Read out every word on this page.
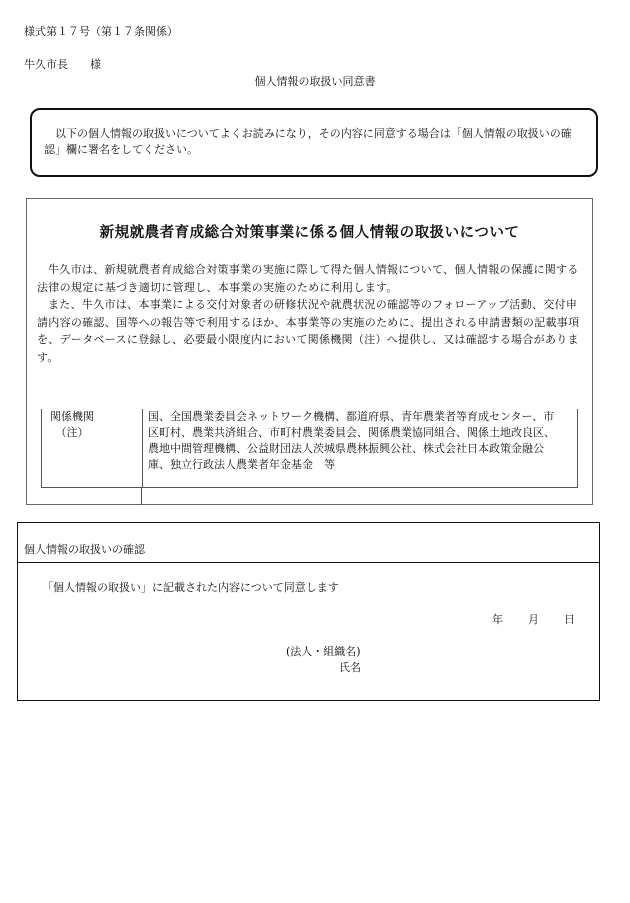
様式第１７号（第１７条関係）
牛久市長　　様
個人情報の取扱い同意書
以下の個人情報の取扱いについてよくお読みになり，その内容に同意する場合は「個人情報の取扱いの確認」欄に署名をしてください。
新規就農者育成総合対策事業に係る個人情報の取扱いについて

牛久市は、新規就農者育成総合対策事業の実施に際して得た個人情報について、個人情報の保護に関する法律の規定に基づき適切に管理し、本事業の実施のために利用します。

また、牛久市は、本事業による交付対象者の研修状況や就農状況の確認等のフォローアップ活動、交付申請内容の確認、国等への報告等で利用するほか、本事業等の実施のために、提出される申請書類の記載事項を、データベースに登録し、必要最小限度内において関係機関（注）へ提供し、又は確認する場合があります。

関係機関
（注）
国、全国農業委員会ネットワーク機構、都道府県、青年農業者等育成センター、市区町村、農業共済組合、市町村農業委員会、関係農業協同組合、関係土地改良区、農地中間管理機構、公益財団法人茨城県農林振興公社、株式会社日本政策金融公庫、独立行政法人農業者年金基金　等
個人情報の取扱いの確認
「個人情報の取扱い」に記載された内容について同意します
年	月	日
(法人・組織名)
氏名
